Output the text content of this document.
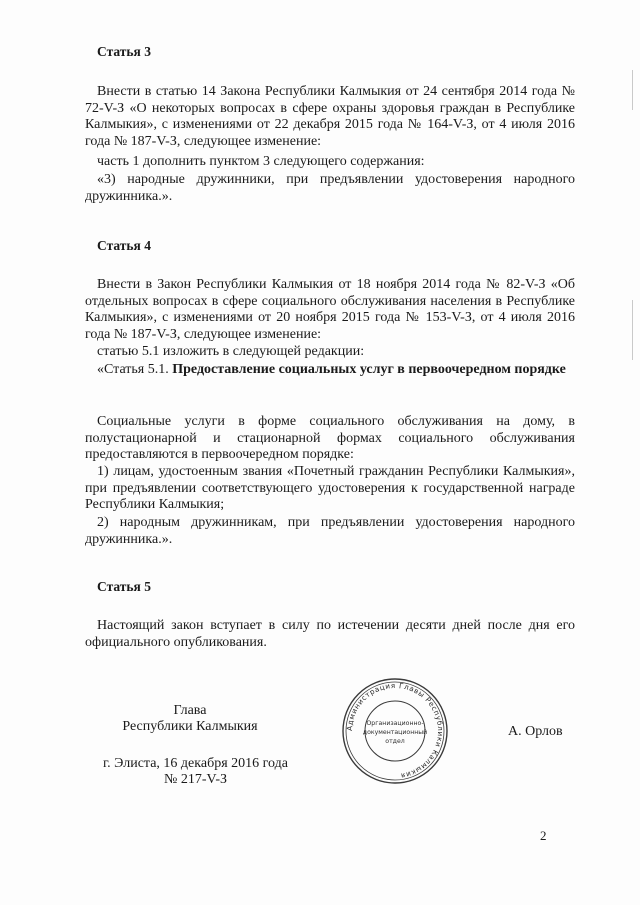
Статья 3

Внести в статью 14 Закона Республики Калмыкия от 24 сентября 2014 года № 72-V-З «О некоторых вопросах в сфере охраны здоровья граждан в Республике Калмыкия», с изменениями от 22 декабря 2015 года № 164-V-З, от 4 июля 2016 года № 187-V-З, следующее изменение:

часть 1 дополнить пунктом 3 следующего содержания:

«3) народные дружинники, при предъявлении удостоверения народного дружинника.».

Статья 4

Внести в Закон Республики Калмыкия от 18 ноября 2014 года № 82-V-З «Об отдельных вопросах в сфере социального обслуживания населения в Республике Калмыкия», с изменениями от 20 ноября 2015 года № 153-V-З, от 4 июля 2016 года № 187-V-З, следующее изменение:

статью 5.1 изложить в следующей редакции:

«Статья 5.1. Предоставление социальных услуг в первоочередном порядке

Социальные услуги в форме социального обслуживания на дому, в полустационарной и стационарной формах социального обслуживания предоставляются в первоочередном порядке:

1) лицам, удостоенным звания «Почетный гражданин Республики Калмыкия», при предъявлении соответствующего удостоверения к государственной награде Республики Калмыкия;

2) народным дружинникам, при предъявлении удостоверения народного дружинника.».

Статья 5

Настоящий закон вступает в силу по истечении десяти дней после дня его официального опубликования.

Глава
Республики Калмыкия
г. Элиста, 16 декабря 2016 года
№ 217-V-З
А. Орлов
Администрация Главы Республики Калмыкия
Организационно-
документационный
отдел
2
